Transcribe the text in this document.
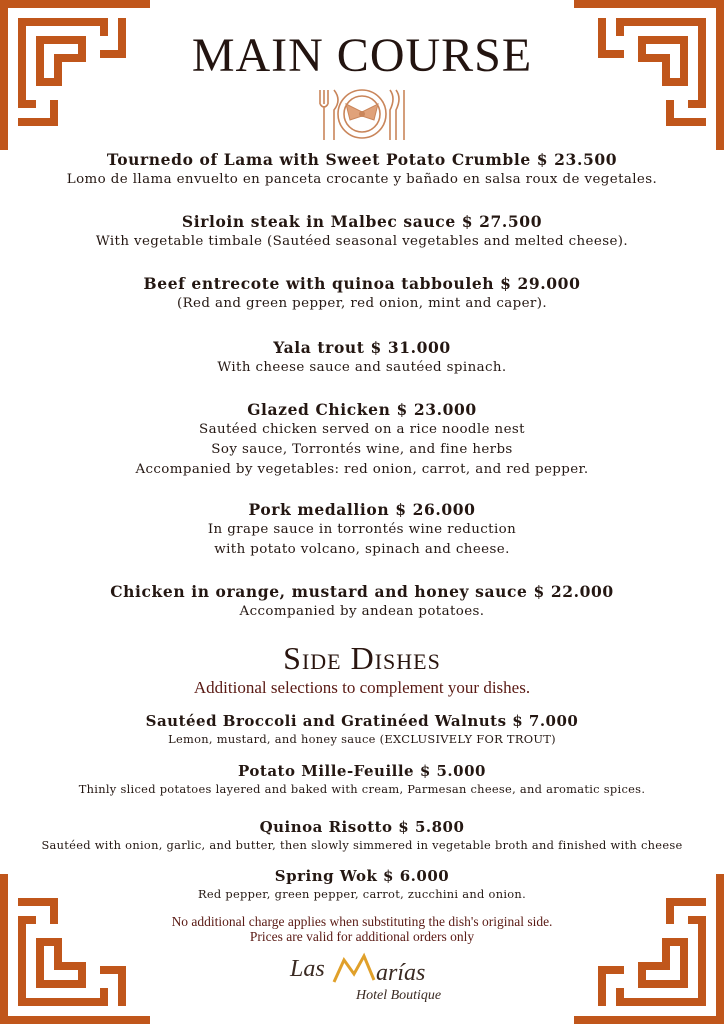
MAIN COURSE
Tournedo of Lama with Sweet Potato Crumble $ 23.500
Lomo de llama envuelto en panceta crocante y bañado en salsa roux de vegetales.
Sirloin steak in Malbec sauce $ 27.500
With vegetable timbale (Sautéed seasonal vegetables and melted cheese).
Beef entrecote with quinoa tabbouleh $ 29.000
(Red and green pepper, red onion, mint and caper).
Yala trout $ 31.000
With cheese sauce and sautéed spinach.
Glazed Chicken $ 23.000
Sautéed chicken served on a rice noodle nest
Soy sauce, Torrontés wine, and fine herbs
Accompanied by vegetables: red onion, carrot, and red pepper.
Pork medallion $ 26.000
In grape sauce in torrontés wine reduction
with potato volcano, spinach and cheese.
Chicken in orange, mustard and honey sauce $ 22.000
Accompanied by andean potatoes.
Side Dishes
Additional selections to complement your dishes.
Sautéed Broccoli and Gratinéed Walnuts $ 7.000
Lemon, mustard, and honey sauce (EXCLUSIVELY FOR TROUT)
Potato Mille-Feuille $ 5.000
Thinly sliced potatoes layered and baked with cream, Parmesan cheese, and aromatic spices.
Quinoa Risotto $ 5.800
Sautéed with onion, garlic, and butter, then slowly simmered in vegetable broth and finished with cheese
Spring Wok $ 6.000
Red pepper, green pepper, carrot, zucchini and onion.
No additional charge applies when substituting the dish's original side.
Prices are valid for additional orders only
Las arías
Hotel Boutique
